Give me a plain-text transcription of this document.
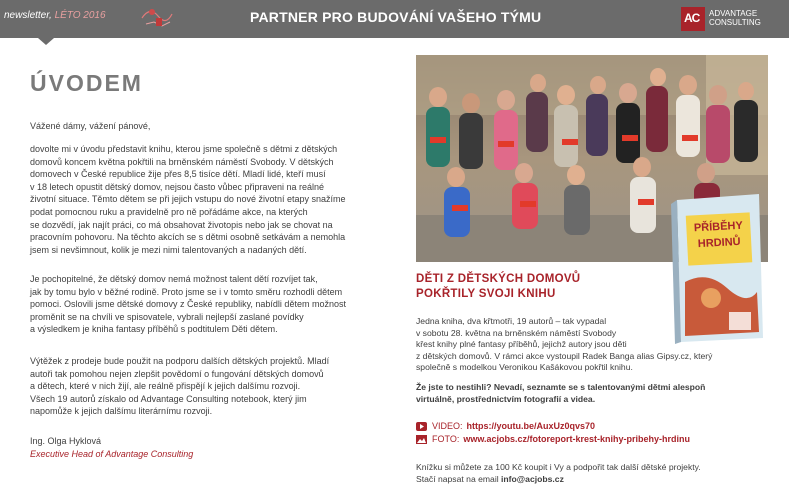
newsletter, LÉTO 2016	PARTNER PRO BUDOVÁNÍ VAŠEHO TÝMU	AC ADVANTAGE
CONSULTING
ÚVODEM
Vážené dámy, vážení pánové,
dovolte mi v úvodu představit knihu, kterou jsme společně s dětmi z dětských
domovů koncem května pokřtili na brněnském náměstí Svobody. V dětských
domovech v České republice žije přes 8,5 tisíce dětí. Mladí lidé, kteří musí
v 18 letech opustit dětský domov, nejsou často vůbec připraveni na reálné
životní situace. Těmto dětem se při jejich vstupu do nové životní etapy snažíme
podat pomocnou ruku a pravidelně pro ně pořádáme akce, na kterých
se dozvědí, jak najít práci, co má obsahovat životopis nebo jak se chovat na
pracovním pohovoru. Na těchto akcích se s dětmi osobně setkávám a nemohla
jsem si nevšimnout, kolik je mezi nimi talentovaných a nadaných dětí.
Je pochopitelné, že dětský domov nemá možnost talent dětí rozvíjet tak,
jak by tomu bylo v běžné rodině. Proto jsme se i v tomto směru rozhodli dětem
pomoci. Oslovili jsme dětské domovy z České republiky, nabídli dětem možnost
proměnit se na chvíli ve spisovatele, vybrali nejlepší zaslané povídky
a výsledkem je kniha fantasy příběhů s podtitulem Děti dětem.
Výtěžek z prodeje bude použit na podporu dalších dětských projektů. Mladí
autoři tak pomohou nejen zlepšit povědomí o fungování dětských domovů
a dětech, které v nich žijí, ale reálně přispějí k jejich dalšímu rozvoji.
Všech 19 autorů získalo od Advantage Consulting notebook, který jim
napomůže k jejich dalšímu literárnímu rozvoji.
Ing. Olga Hyklová
Executive Head of Advantage Consulting
PŘÍBĚHY
HRDINŮ
DĚTI Z DĚTSKÝCH DOMOVŮ
POKŘTILY SVOJI KNIHU
Jedna kniha, dva křtmotři, 19 autorů – tak vypadal
v sobotu 28. května na brněnském náměstí Svobody
křest knihy plné fantasy příběhů, jejichž autory jsou děti
z dětských domovů. V rámci akce vystoupil Radek Banga alias Gipsy.cz, který
společně s modelkou Veronikou Kašákovou pokřtil knihu.
Že jste to nestihli? Nevadí, seznamte se s talentovanými dětmi alespoň
virtuálně, prostřednictvím fotografií a videa.
VIDEO: https://youtu.be/AuxUz0qvs70
FOTO: www.acjobs.cz/fotoreport-krest-knihy-pribehy-hrdinu
Knížku si můžete za 100 Kč koupit i Vy a podpořit tak další dětské projekty.
Stačí napsat na email info@acjobs.cz
